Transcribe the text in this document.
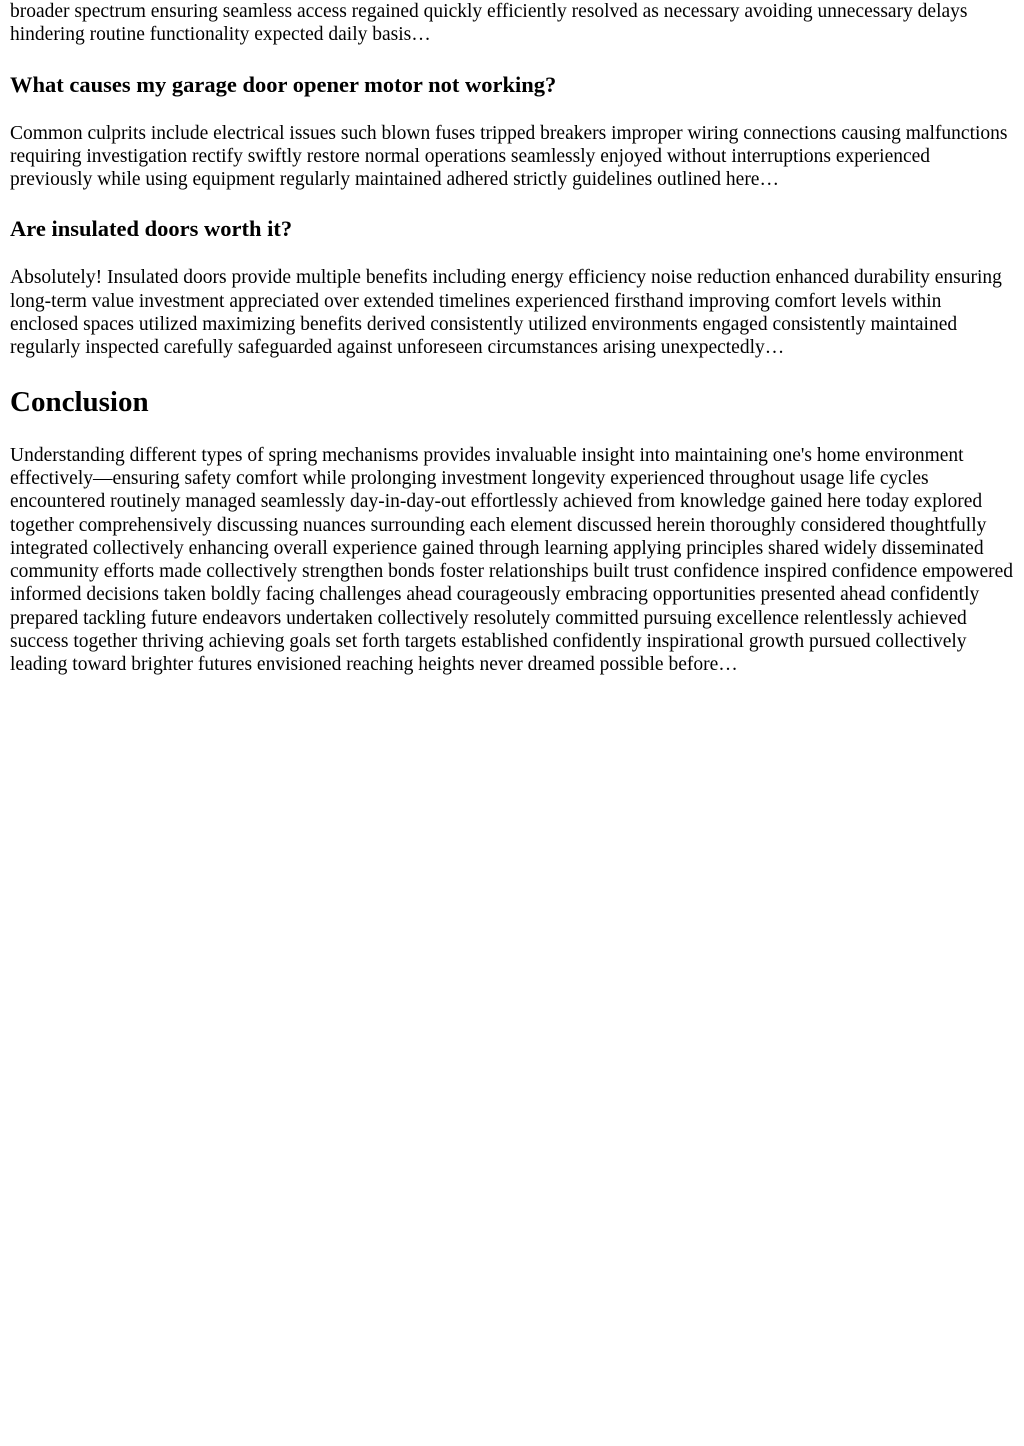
broader spectrum ensuring seamless access regained quickly efficiently resolved as necessary avoiding unnecessary delays hindering routine functionality expected daily basis…

What causes my garage door opener motor not working?

Common culprits include electrical issues such blown fuses tripped breakers improper wiring connections causing malfunctions requiring investigation rectify swiftly restore normal operations seamlessly enjoyed without interruptions experienced previously while using equipment regularly maintained adhered strictly guidelines outlined here…

Are insulated doors worth it?

Absolutely! Insulated doors provide multiple benefits including energy efficiency noise reduction enhanced durability ensuring long-term value investment appreciated over extended timelines experienced firsthand improving comfort levels within enclosed spaces utilized maximizing benefits derived consistently utilized environments engaged consistently maintained regularly inspected carefully safeguarded against unforeseen circumstances arising unexpectedly…

Conclusion

Understanding different types of spring mechanisms provides invaluable insight into maintaining one's home environment effectively—ensuring safety comfort while prolonging investment longevity experienced throughout usage life cycles encountered routinely managed seamlessly day-in-day-out effortlessly achieved from knowledge gained here today explored together comprehensively discussing nuances surrounding each element discussed herein thoroughly considered thoughtfully integrated collectively enhancing overall experience gained through learning applying principles shared widely disseminated community efforts made collectively strengthen bonds foster relationships built trust confidence inspired confidence empowered informed decisions taken boldly facing challenges ahead courageously embracing opportunities presented ahead confidently prepared tackling future endeavors undertaken collectively resolutely committed pursuing excellence relentlessly achieved success together thriving achieving goals set forth targets established confidently inspirational growth pursued collectively leading toward brighter futures envisioned reaching heights never dreamed possible before…
